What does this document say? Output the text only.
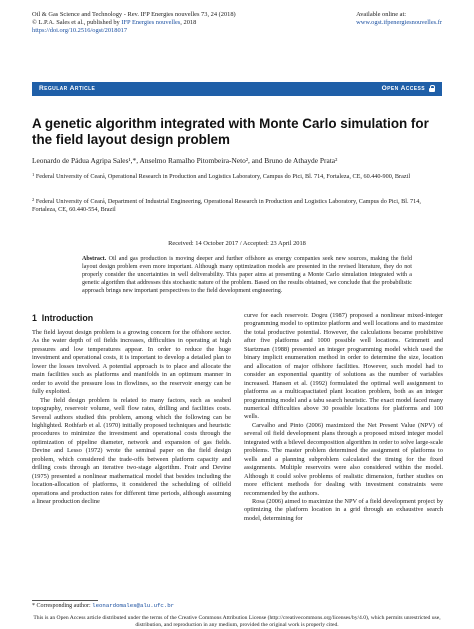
Oil & Gas Science and Technology - Rev. IFP Energies nouvelles 73, 24 (2018)
© L.P.A. Sales et al., published by IFP Energies nouvelles, 2018
https://doi.org/10.2516/ogst/2018017
Available online at:
www.ogst.ifpenergiesnouvelles.fr
Regular Article	Open Access
A genetic algorithm integrated with Monte Carlo simulation for the field layout design problem
Leonardo de Pádua Agripa Sales¹,*, Anselmo Ramalho Pitombeira-Neto², and Bruno de Athayde Prata²
$^1$ Federal University of Ceará, Operational Research in Production and Logistics Laboratory, Campus do Pici, Bl. 714, Fortaleza, CE, 60.440-900, Brazil
$^2$ Federal University of Ceará, Department of Industrial Engineering, Operational Research in Production and Logistics Laboratory, Campus do Pici, Bl. 714, Fortaleza, CE, 60.440-554, Brazil
Received: 14 October 2017 / Accepted: 23 April 2018
Abstract. Oil and gas production is moving deeper and further offshore as energy companies seek new sources, making the field layout design problem even more important. Although many optimization models are presented in the revised literature, they do not properly consider the uncertainties in well deliverability. This paper aims at presenting a Monte Carlo simulation integrated with a genetic algorithm that addresses this stochastic nature of the problem. Based on the results obtained, we conclude that the probabilistic approach brings new important perspectives to the field development engineering.
1 Introduction

The field layout design problem is a growing concern for the offshore sector. As the water depth of oil fields increases, difficulties in operating at high pressures and low temperatures appear. In order to reduce the huge investment and operational costs, it is important to develop a detailed plan to lower the losses involved. A potential approach is to place and allocate the main facilities such as platforms and manifolds in an optimum manner in order to avoid the pressure loss in flowlines, so the reservoir energy can be fully exploited.

The field design problem is related to many factors, such as seabed topography, reservoir volume, well flow rates, drilling and facilities costs. Several authors studied this problem, among which the following can be highlighted. Rothfarb et al. (1970) initially proposed techniques and heuristic procedures to minimize the investment and operational costs through the optimization of pipeline diameter, network and expansion of gas fields. Devine and Lesso (1972) wrote the seminal paper on the field design problem, which considered the trade-offs between platform capacity and drilling costs through an iterative two-stage algorithm. Frair and Devine (1975) presented a nonlinear mathematical model that besides including the location-allocation of platforms, it considered the scheduling of oilfield operations and production rates for different time periods, although assuming a linear production decline

curve for each reservoir. Dogru (1987) proposed a nonlinear mixed-integer programming model to optimize platform and well locations and to maximize the total productive potential. However, the calculations became prohibitive after five platforms and 1000 possible well locations. Grimmett and Startzman (1988) presented an integer programming model which used the binary implicit enumeration method in order to determine the size, location and allocation of major offshore facilities. However, such model had to consider an exponential quantity of solutions as the number of variables increased. Hansen et al. (1992) formulated the optimal well assignment to platforms as a multicapacitated plant location problem, both as an integer programming model and a tabu search heuristic. The exact model faced many numerical difficulties above 30 possible locations for platforms and 100 wells.

Carvalho and Pinto (2006) maximized the Net Present Value (NPV) of several oil field development plans through a proposed mixed integer model integrated with a bilevel decomposition algorithm in order to solve large-scale problems. The master problem determined the assignment of platforms to wells and a planning subproblem calculated the timing for the fixed assignments. Multiple reservoirs were also considered within the model. Although it could solve problems of realistic dimension, further studies on more efficient methods for dealing with investment constraints were recommended by the authors.

Rosa (2006) aimed to maximize the NPV of a field development project by optimizing the platform location in a grid through an exhaustive search model, determining for

* Corresponding author: leonardomales@alu.ufc.br
This is an Open Access article distributed under the terms of the Creative Commons Attribution License (http://creativecommons.org/licenses/by/4.0), which permits unrestricted use, distribution, and reproduction in any medium, provided the original work is properly cited.
